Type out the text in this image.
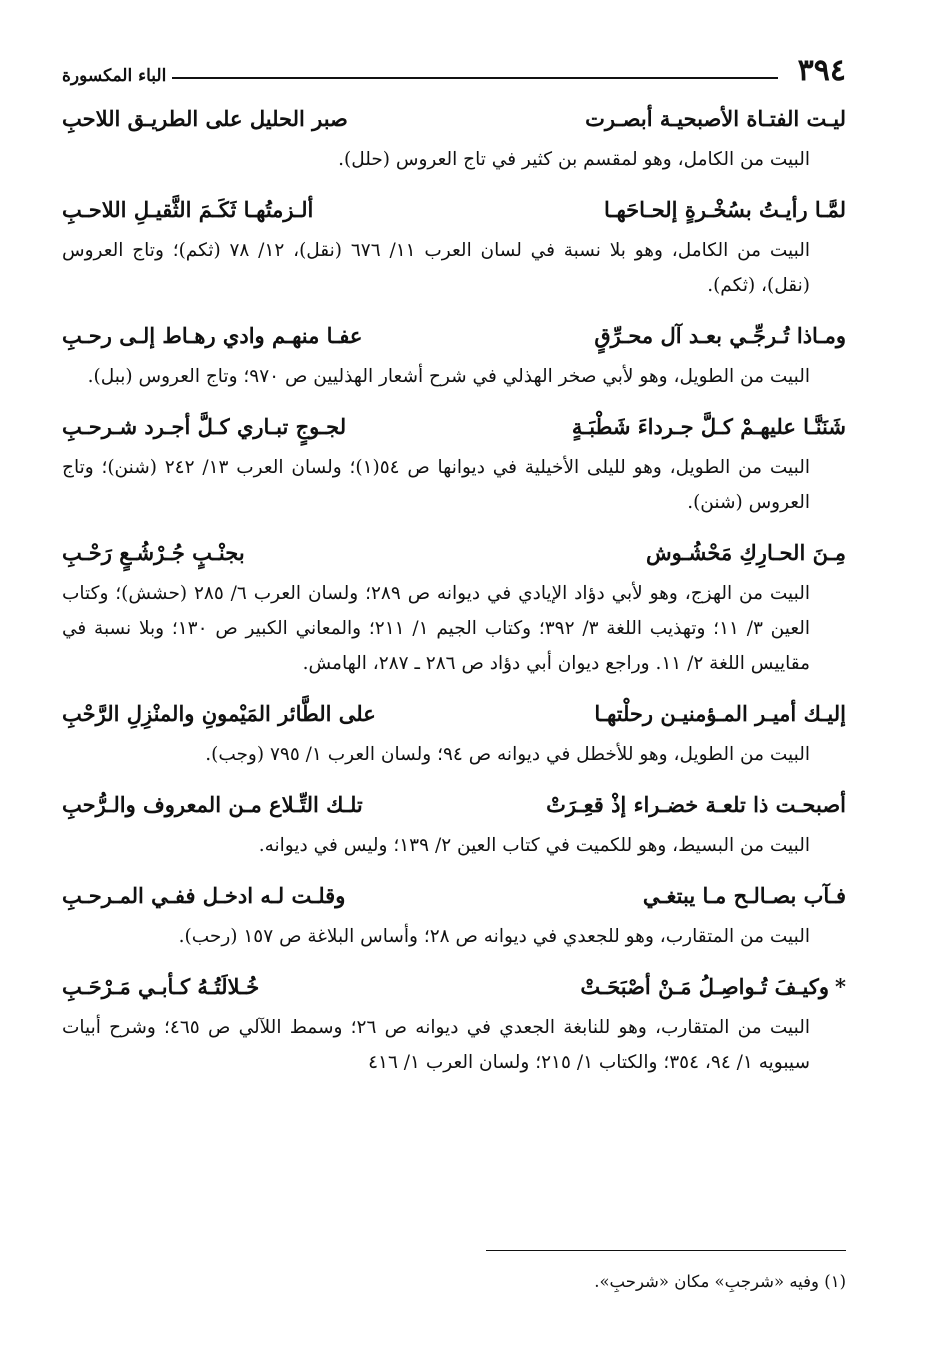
٣٩٤
الباء المكسورة
ليـت الفتـاة الأصبحيـة أبصـرت
صبر الحليل على الطريـق اللاحبِ

البيت من الكامل، وهو لمقسم بن كثير في تاج العروس (حلل).

لمَّـا رأيـتُ بسُخْـرةٍ إلحـاحَهـا
ألـزمتُهـا ثَكَـمَ الثَّقيـلِ اللاحـبِ

البيت من الكامل، وهو بلا نسبة في لسان العرب ١١/ ٦٧٦ (نقل)، ١٢/ ٧٨ (ثكم)؛ وتاج العروس (نقل)، (ثكم).

ومـاذا تُـرجِّـي بعـد آل محـرِّقٍ
عفـا منهـم وادي رهـاط إلـى رحـبِ

البيت من الطويل، وهو لأبي صخر الهذلي في شرح أشعار الهذليين ص ٩٧٠؛ وتاج العروس (ببل).

شَنَنَّـا عليهـمْ كـلَّ جـرداءَ شَطْبَـةٍ
لجـوجٍ تبـاري كـلَّ أجـرد شـرحـبِ

البيت من الطويل، وهو لليلى الأخيلية في ديوانها ص ٥٤(١)؛ ولسان العرب ١٣/ ٢٤٢ (شنن)؛ وتاج العروس (شنن).

مِـنَ الحـارِكِ مَحْشُـوش
بجنْـبٍ جُـرْشُـعٍ رَحْـبِ

البيت من الهزج، وهو لأبي دؤاد الإيادي في ديوانه ص ٢٨٩؛ ولسان العرب ٦/ ٢٨٥ (حشش)؛ وكتاب العين ٣/ ١١؛ وتهذيب اللغة ٣/ ٣٩٢؛ وكتاب الجيم ١/ ٢١١؛ والمعاني الكبير ص ١٣٠؛ وبلا نسبة في مقاييس اللغة ٢/ ١١. وراجع ديوان أبي دؤاد ص ٢٨٦ ـ ٢٨٧، الهامش.

إليـك أميـر المـؤمنيـن رحلْتهـا
على الطَّائر المَيْمونِ والمنْزِلِ الرَّحْبِ

البيت من الطويل، وهو للأخطل في ديوانه ص ٩٤؛ ولسان العرب ١/ ٧٩٥ (وجب).

أصبحـت ذا تلعـة خضـراء إذْ قعِـرَتْ
تلـك التِّـلاع مـن المعروف والـرُّحبِ

البيت من البسيط، وهو للكميت في كتاب العين ٢/ ١٣٩؛ وليس في ديوانه.

فـآب بصـالـح مـا يبتغـي
وقلـت لـه ادخـل ففـي المـرحـبِ

البيت من المتقارب، وهو للجعدي في ديوانه ص ٢٨؛ وأساس البلاغة ص ١٥٧ (رحب).

*وكيـفَ تُـواصِـلُ مَـنْ أصْبَحَـتْ
خُـلالَتُـهُ كـأبـي مَـرْحَـبِ

البيت من المتقارب، وهو للنابغة الجعدي في ديوانه ص ٢٦؛ وسمط اللآلي ص ٤٦٥؛ وشرح أبيات سيبويه ١/ ٩٤، ٣٥٤؛ والكتاب ١/ ٢١٥؛ ولسان العرب ١/ ٤١٦

(١) وفيه «شرجبِ» مكان «شرحبِ».
